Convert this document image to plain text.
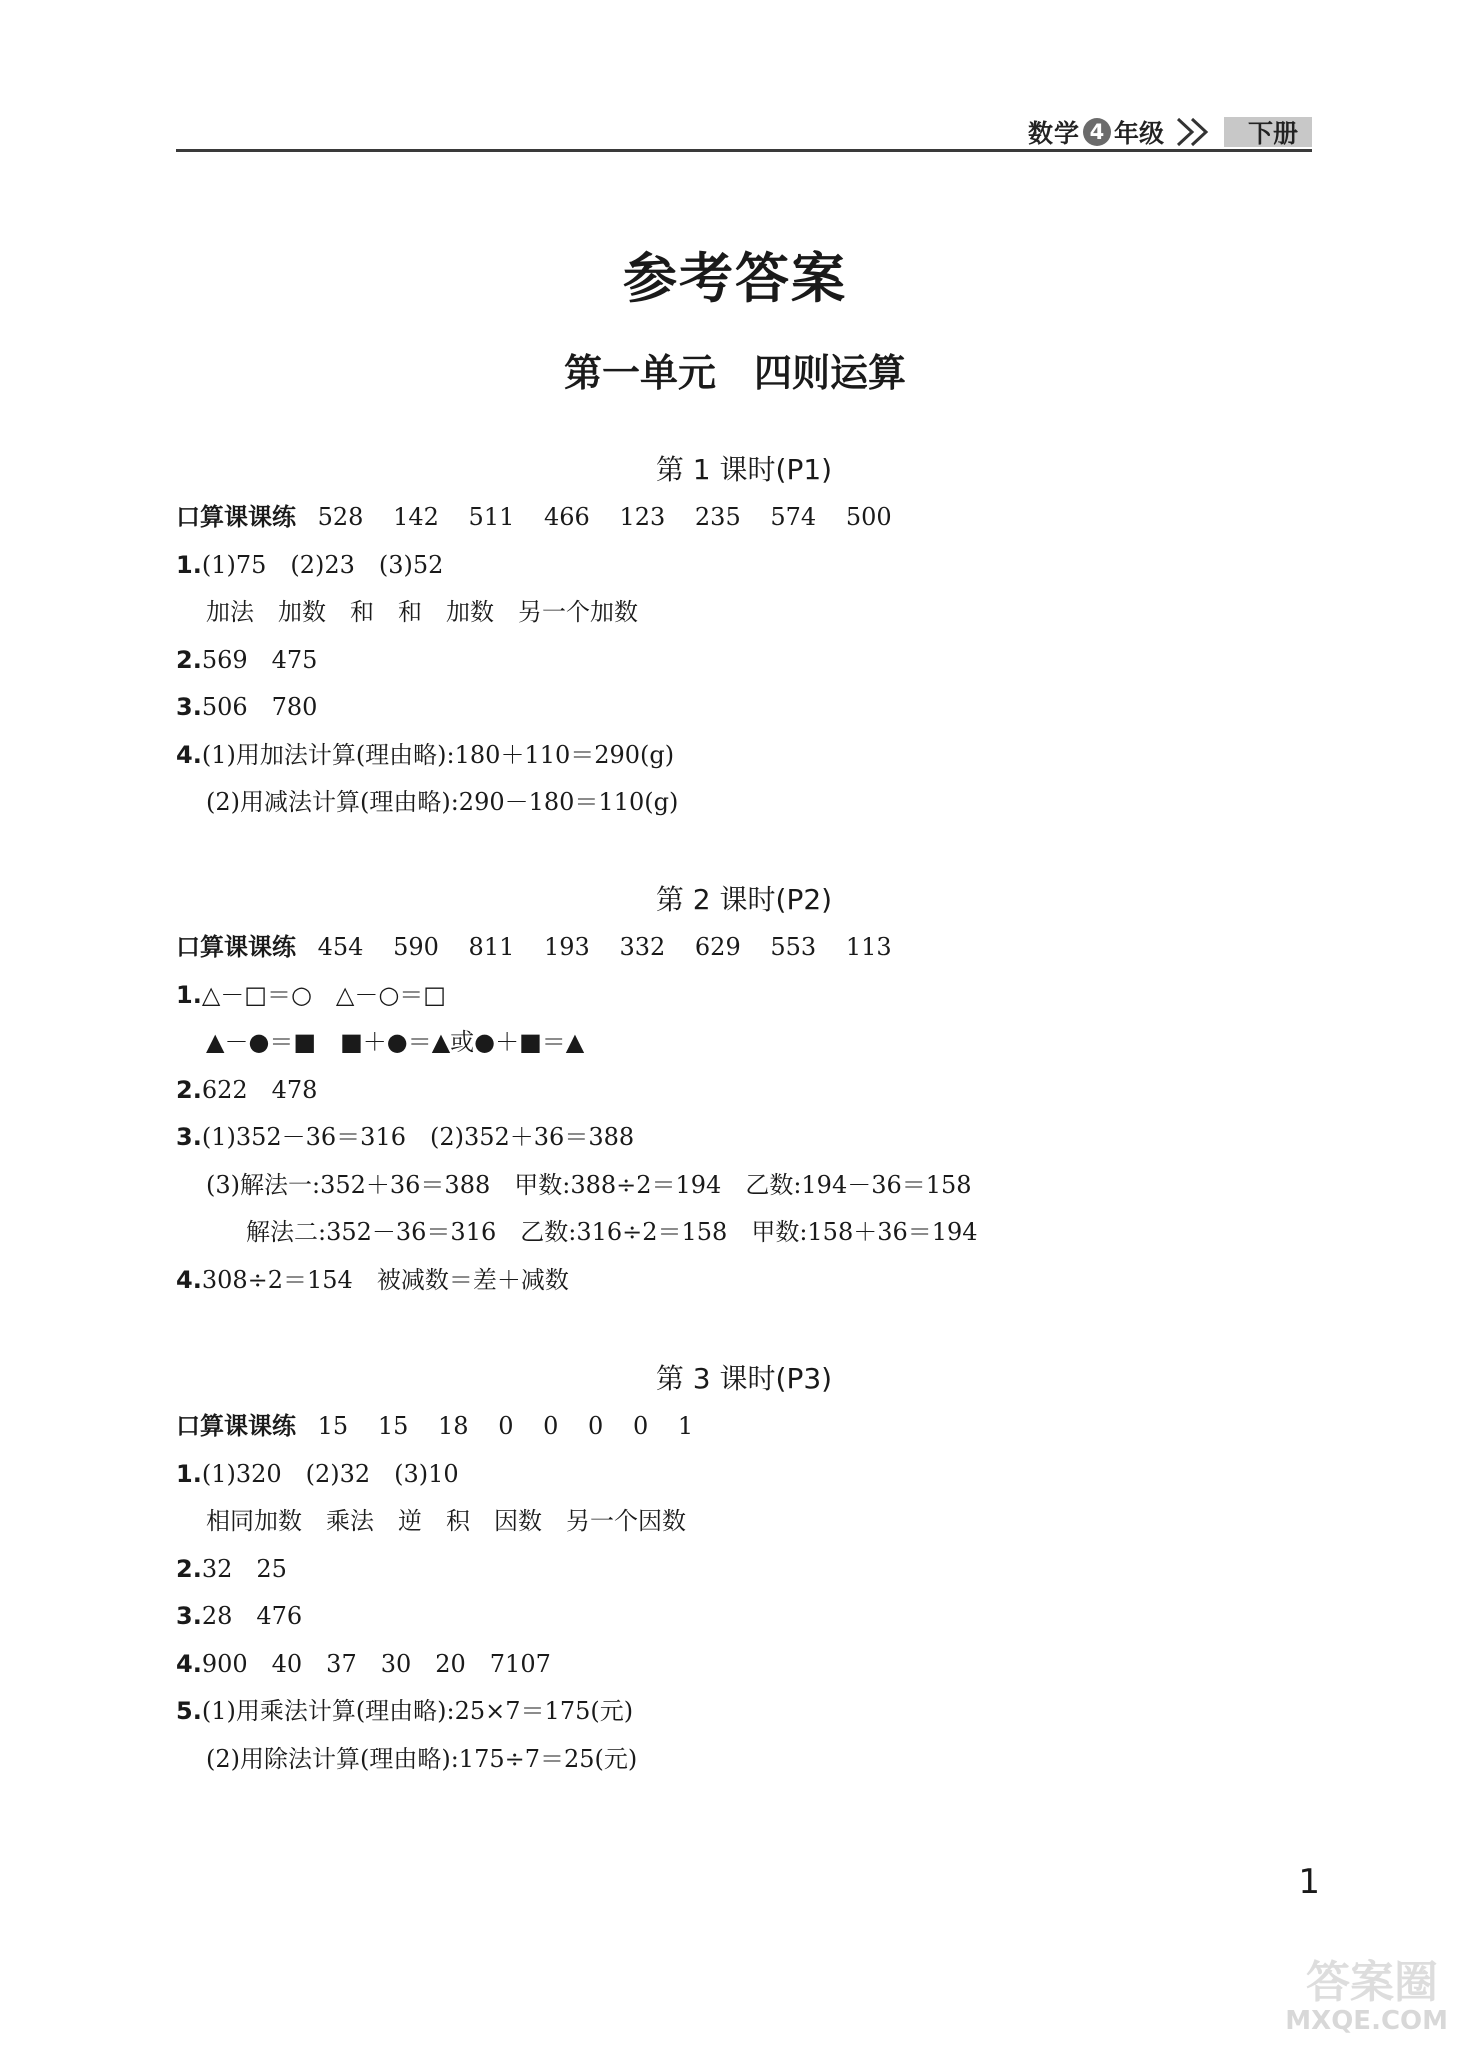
数学 4 年级	下册
参考答案
第一单元　四则运算
第 1 课时(P1)
口算课课练 528 142 511 466 123 235 574 500
1.(1)75　(2)23　(3)52
加法　加数　和　和　加数　另一个加数
2.569　475
3.506　780
4.(1)用加法计算(理由略):180＋110＝290(g)
(2)用减法计算(理由略):290－180＝110(g)
第 2 课时(P2)
口算课课练 454 590 811 193 332 629 553 113
1.△－□＝○　△－○＝□
▲－●＝■　■＋●＝▲或●＋■＝▲
2.622　478
3.(1)352－36＝316　(2)352＋36＝388
(3)解法一:352＋36＝388　甲数:388÷2＝194　乙数:194－36＝158
解法二:352－36＝316　乙数:316÷2＝158　甲数:158＋36＝194
4.308÷2＝154　被减数＝差＋减数
第 3 课时(P3)
口算课课练 15 15 18 0 0 0 0 1
1.(1)320　(2)32　(3)10
相同加数　乘法　逆　积　因数　另一个因数
2.32　25
3.28　476
4.900　40　37　30　20　7107
5.(1)用乘法计算(理由略):25×7＝175(元)
(2)用除法计算(理由略):175÷7＝25(元)
1
答案圈
MXQE.COM
